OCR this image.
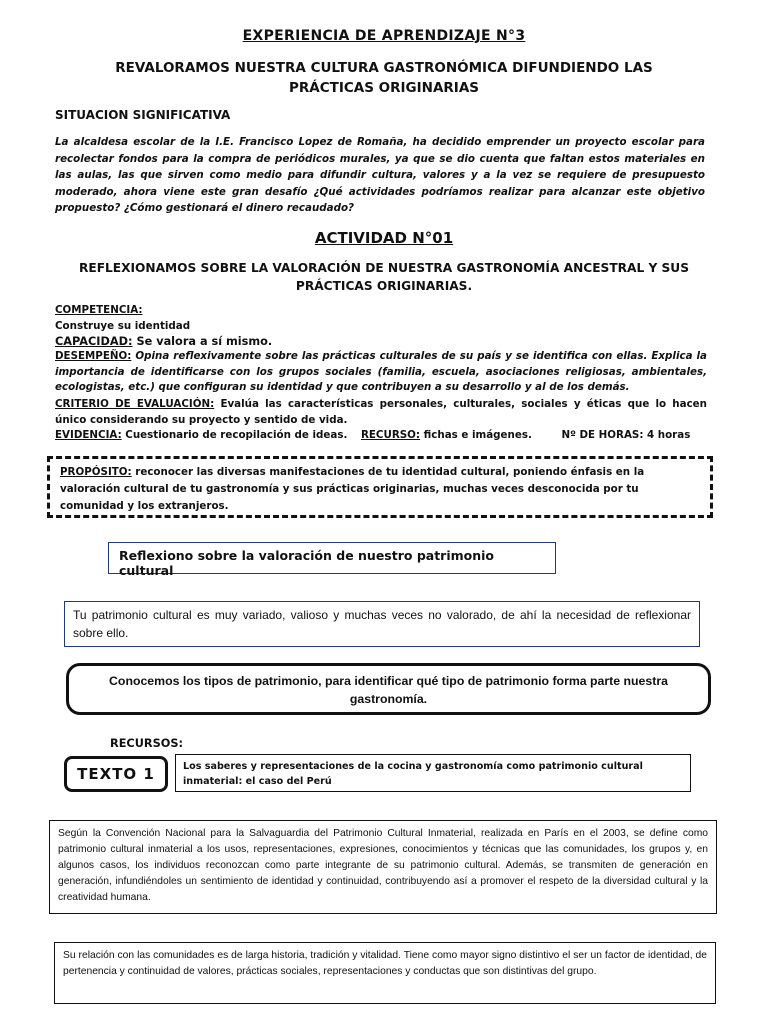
EXPERIENCIA DE APRENDIZAJE N°3
REVALORAMOS NUESTRA CULTURA GASTRONÓMICA DIFUNDIENDO LAS PRÁCTICAS ORIGINARIAS
SITUACION SIGNIFICATIVA
La alcaldesa escolar de la I.E. Francisco Lopez de Romaña, ha decidido emprender un proyecto escolar para recolectar fondos para la compra de periódicos murales, ya que se dio cuenta que faltan estos materiales en las aulas, las que sirven como medio para difundir cultura, valores y a la vez se requiere de presupuesto moderado, ahora viene este gran desafío ¿Qué actividades podríamos realizar para alcanzar este objetivo propuesto? ¿Cómo gestionará el dinero recaudado?
ACTIVIDAD N°01
REFLEXIONAMOS SOBRE LA VALORACIÓN DE NUESTRA GASTRONOMÍA ANCESTRAL Y SUS PRÁCTICAS ORIGINARIAS.
COMPETENCIA:
Construye su identidad
CAPACIDAD: Se valora a sí mismo.
DESEMPEÑO: Opina reflexivamente sobre las prácticas culturales de su país y se identifica con ellas. Explica la importancia de identificarse con los grupos sociales (familia, escuela, asociaciones religiosas, ambientales, ecologistas, etc.) que configuran su identidad y que contribuyen a su desarrollo y al de los demás.
CRITERIO DE EVALUACIÓN: Evalúa las características personales, culturales, sociales y éticas que lo hacen único considerando su proyecto y sentido de vida.
EVIDENCIA: Cuestionario de recopilación de ideas. RECURSO: fichas e imágenes.	Nº DE HORAS: 4 horas
PROPÓSITO: reconocer las diversas manifestaciones de tu identidad cultural, poniendo énfasis en la valoración cultural de tu gastronomía y sus prácticas originarias, muchas veces desconocida por tu comunidad y los extranjeros.
Reflexiono sobre la valoración de nuestro patrimonio cultural
Tu patrimonio cultural es muy variado, valioso y muchas veces no valorado, de ahí la necesidad de reflexionar sobre ello.
Conocemos los tipos de patrimonio, para identificar qué tipo de patrimonio forma parte nuestra gastronomía.
RECURSOS:
TEXTO 1	Los saberes y representaciones de la cocina y gastronomía como patrimonio cultural inmaterial: el caso del Perú
Según la Convención Nacional para la Salvaguardia del Patrimonio Cultural Inmaterial, realizada en París en el 2003, se define como patrimonio cultural inmaterial a los usos, representaciones, expresiones, conocimientos y técnicas que las comunidades, los grupos y, en algunos casos, los individuos reconozcan como parte integrante de su patrimonio cultural. Además, se transmiten de generación en generación, infundiéndoles un sentimiento de identidad y continuidad, contribuyendo así a promover el respeto de la diversidad cultural y la creatividad humana.
Su relación con las comunidades es de larga historia, tradición y vitalidad. Tiene como mayor signo distintivo el ser un factor de identidad, de pertenencia y continuidad de valores, prácticas sociales, representaciones y conductas que son distintivas del grupo.
